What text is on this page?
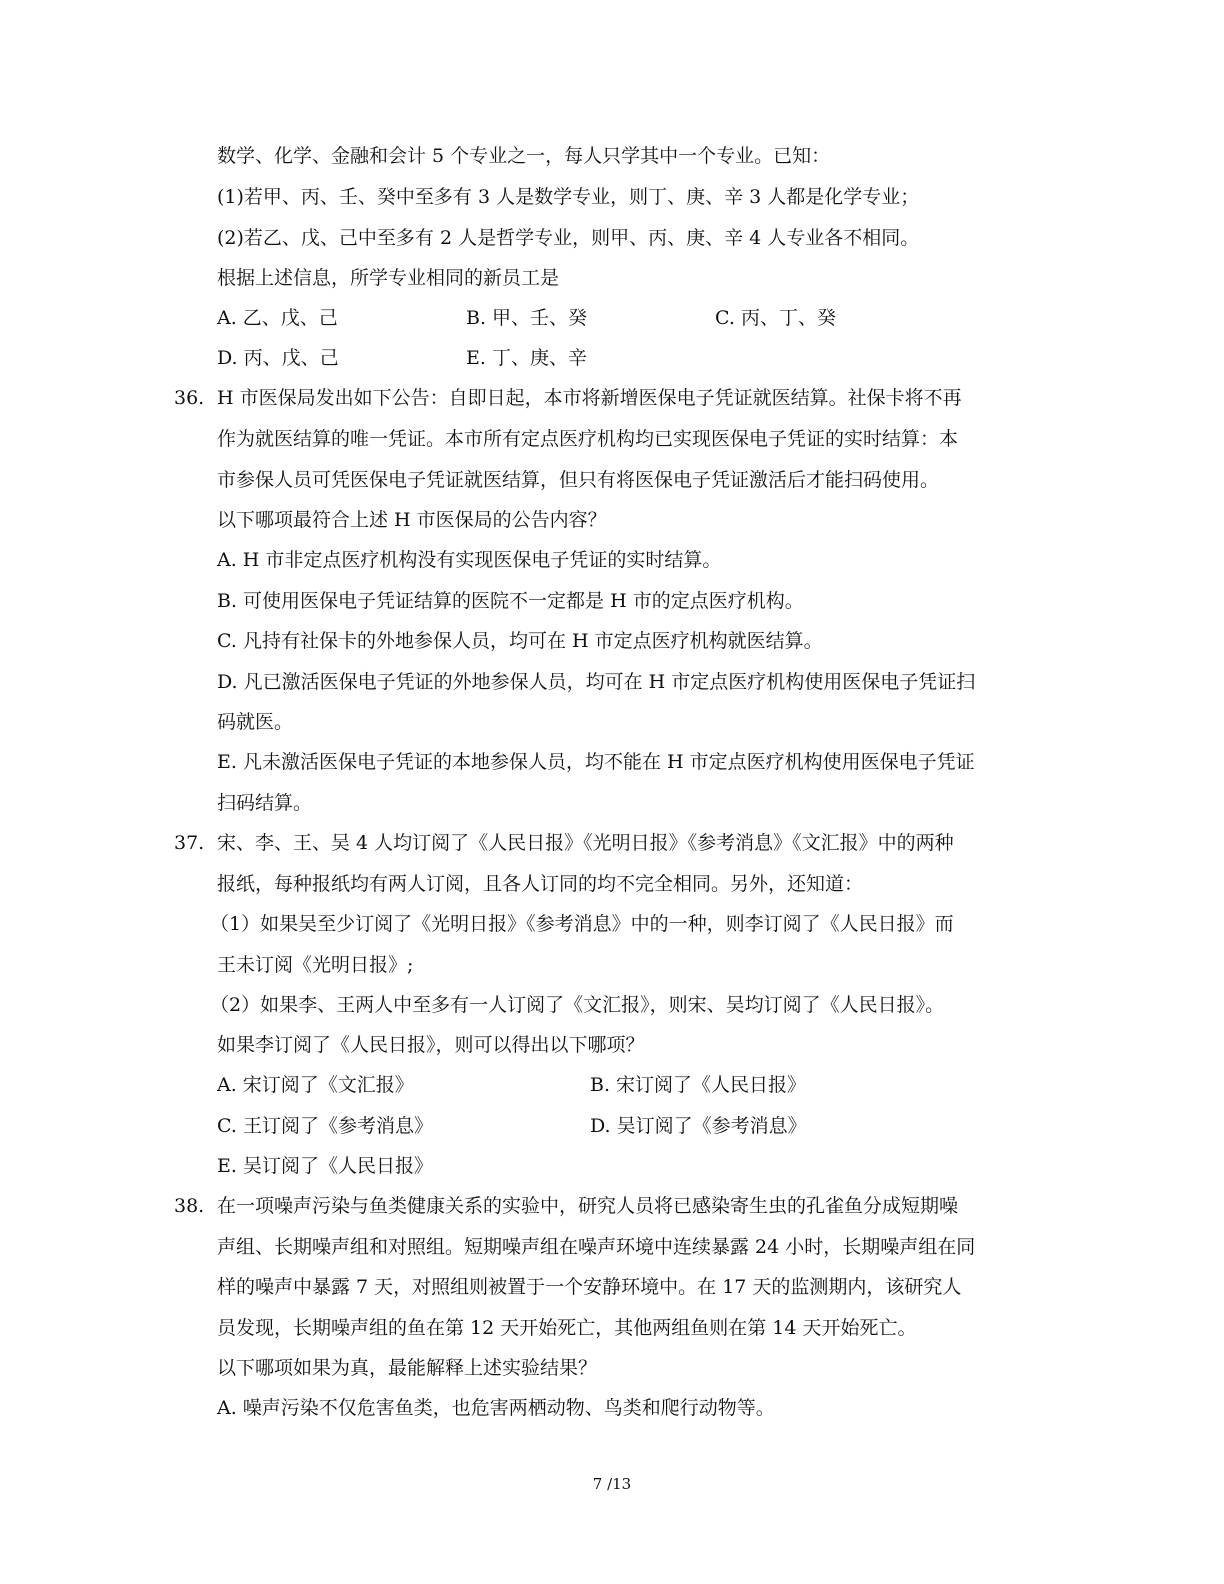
数学、化学、金融和会计 5 个专业之一，每人只学其中一个专业。已知：
(1)若甲、丙、壬、癸中至多有 3 人是数学专业，则丁、庚、辛 3 人都是化学专业；
(2)若乙、戊、己中至多有 2 人是哲学专业，则甲、丙、庚、辛 4 人专业各不相同。
根据上述信息，所学专业相同的新员工是
A. 乙、戊、己	B. 甲、壬、癸	C. 丙、丁、癸
D. 丙、戊、己	E. 丁、庚、辛
36. H 市医保局发出如下公告：自即日起，本市将新增医保电子凭证就医结算。社保卡将不再
作为就医结算的唯一凭证。本市所有定点医疗机构均已实现医保电子凭证的实时结算：本
市参保人员可凭医保电子凭证就医结算，但只有将医保电子凭证激活后才能扫码使用。
以下哪项最符合上述 H 市医保局的公告内容？
A. H 市非定点医疗机构没有实现医保电子凭证的实时结算。
B. 可使用医保电子凭证结算的医院不一定都是 H 市的定点医疗机构。
C. 凡持有社保卡的外地参保人员，均可在 H 市定点医疗机构就医结算。
D. 凡已激活医保电子凭证的外地参保人员，均可在 H 市定点医疗机构使用医保电子凭证扫
码就医。
E. 凡未激活医保电子凭证的本地参保人员，均不能在 H 市定点医疗机构使用医保电子凭证
扫码结算。
37. 宋、李、王、吴 4 人均订阅了《人民日报》《光明日报》《参考消息》《文汇报》中的两种
报纸，每种报纸均有两人订阅，且各人订同的均不完全相同。另外，还知道：
（1）如果吴至少订阅了《光明日报》《参考消息》中的一种，则李订阅了《人民日报》而
王未订阅《光明日报》;
（2）如果李、王两人中至多有一人订阅了《文汇报》，则宋、吴均订阅了《人民日报》。
如果李订阅了《人民日报》，则可以得出以下哪项？
A. 宋订阅了《文汇报》	B. 宋订阅了《人民日报》
C. 王订阅了《参考消息》	D. 吴订阅了《参考消息》
E. 吴订阅了《人民日报》
38. 在一项噪声污染与鱼类健康关系的实验中，研究人员将已感染寄生虫的孔雀鱼分成短期噪
声组、长期噪声组和对照组。短期噪声组在噪声环境中连续暴露 24 小时，长期噪声组在同
样的噪声中暴露 7 天，对照组则被置于一个安静环境中。在 17 天的监测期内，该研究人
员发现，长期噪声组的鱼在第 12 天开始死亡，其他两组鱼则在第 14 天开始死亡。
以下哪项如果为真，最能解释上述实验结果？
A. 噪声污染不仅危害鱼类，也危害两栖动物、鸟类和爬行动物等。
7 /13
